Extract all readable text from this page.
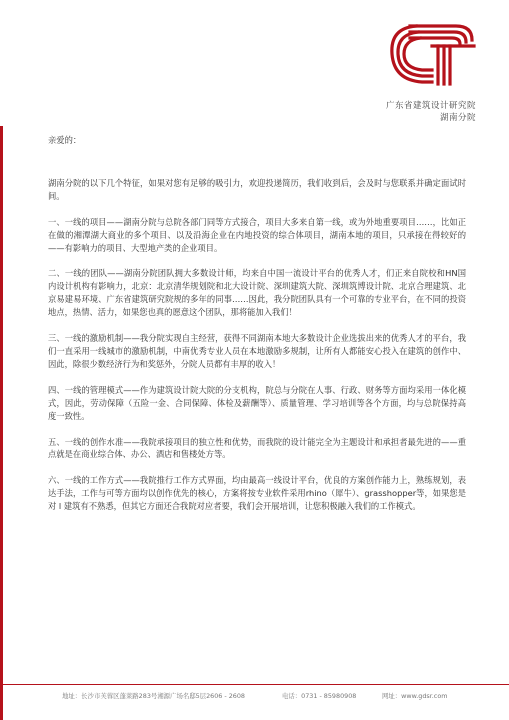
广东省建筑设计研究院
湖南分院

亲爱的：

湖南分院的以下几个特征，如果对您有足够的吸引力，欢迎投递简历，我们收到后，会及时与您联系并确定面试时间。

一、一线的项目——湖南分院与总院各部门同等方式接合，项目大多来自第一线，或为外地重要项目……，比如正在做的湘潭湖大商业的多个项目、以及沿海企业在内地投资的综合体项目，湖南本地的项目，只承接在得较好的——有影响力的项目、大型地产类的企业项目。

二、一线的团队——湖南分院团队拥大多数设计师，均来自中国一流设计平台的优秀人才，们正来自院校和HN国内设计机构有影响力，北京：北京清华规划院和北大设计院、深圳建筑大院、深圳筑博设计院、北京合理建筑、北京易建易环境、广东省建筑研究院规的多年的同事……因此，我分院团队具有一个可靠的专业平台，在不同的投资地点，热情、活力，如果您也真的愿意这个团队，那将能加入我们！

三、一线的激励机制——我分院实现自主经营，获得不同湖南本地大多数设计企业选拔出来的优秀人才的平台，我们一直采用一线城市的激励机制，中南优秀专业人员在本地激励多规制，让所有人都能安心投入在建筑的创作中、因此，除很少数经济行为和奖惩外，分院人员都有丰厚的收入！

四、一线的管理模式——作为建筑设计院大院的分支机构，院总与分院在人事、行政、财务等方面均采用一体化模式，因此，劳动保障（五险一金、合同保障、体检及薪酬等）、质量管理、学习培训等各个方面，均与总院保持高度一致性。

五、一线的创作水准——我院承接项目的独立性和优势，而我院的设计能完全为主题设计和承担者最先进的——重点就是在商业综合体、办公、酒店和售楼处方等。

六、一线的工作方式——我院推行工作方式界面，均由最高一线设计平台，优良的方案创作能力上，熟练规划，表达手法，工作与可等方面均以创作优先的核心，方案将按专业软件采用rhino（犀牛）、grasshopper等，如果您是对 l 建筑有不熟悉，但其它方面还合我院对应者要，我们会开展培训，让您积极融入我们的工作模式。

地址：长沙市芙蓉区蓬莱路283号湘源广场名邸5层2606 - 2608	电话：0731 - 85980908	网址：www.gdsr.com
